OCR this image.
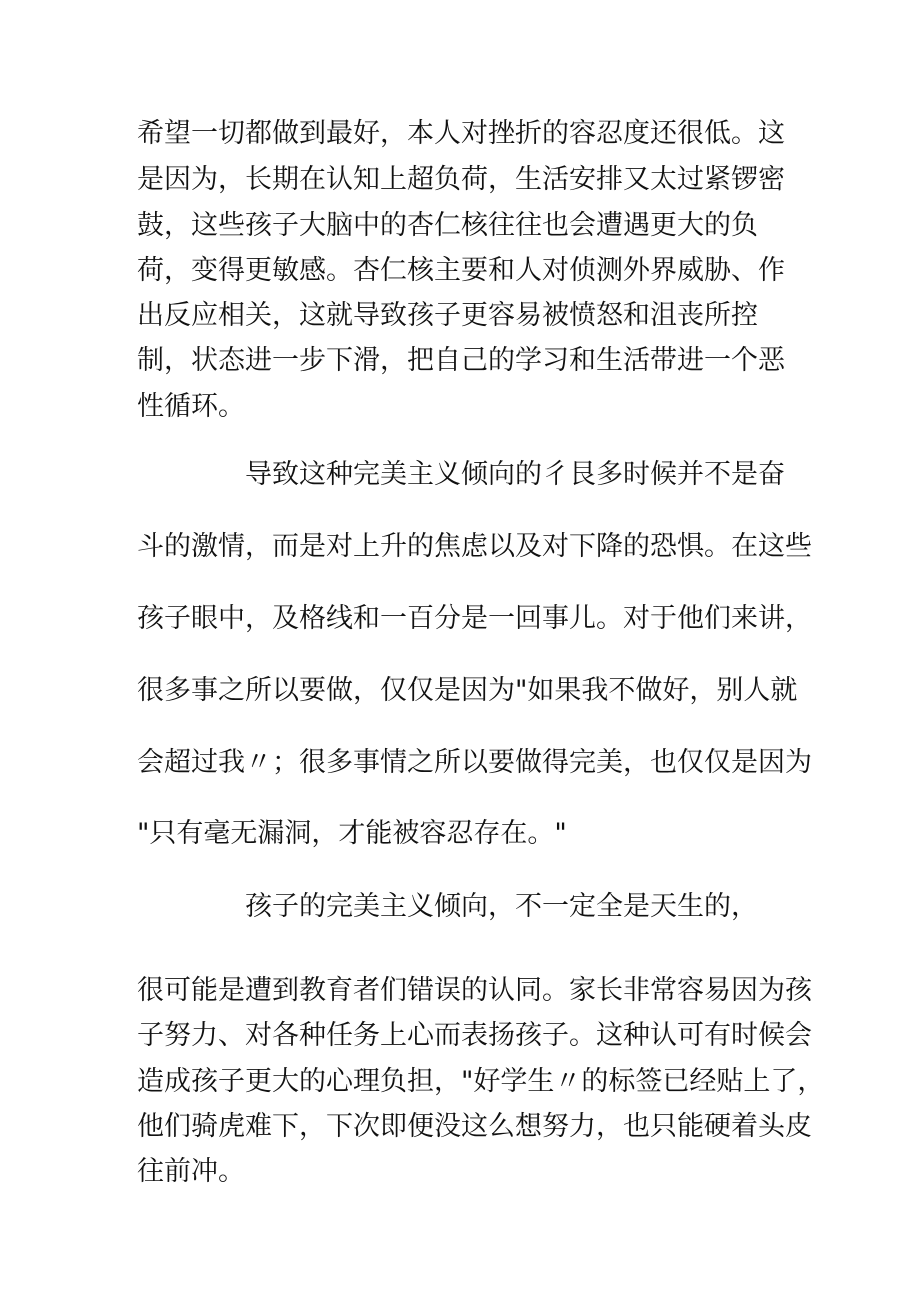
希望一切都做到最好，本人对挫折的容忍度还很低。这
是因为，长期在认知上超负荷，生活安排又太过紧锣密
鼓，这些孩子大脑中的杏仁核往往也会遭遇更大的负
荷，变得更敏感。杏仁核主要和人对侦测外界威胁、作
出反应相关，这就导致孩子更容易被愤怒和沮丧所控
制，状态进一步下滑，把自己的学习和生活带进一个恶
性循环。
导致这种完美主义倾向的彳艮多时候并不是奋
斗的激情，而是对上升的焦虑以及对下降的恐惧。在这些
孩子眼中，及格线和一百分是一回事儿。对于他们来讲，
很多事之所以要做，仅仅是因为"如果我不做好，别人就
会超过我〃；很多事情之所以要做得完美，也仅仅是因为
"只有毫无漏洞，才能被容忍存在。"
孩子的完美主义倾向，不一定全是天生的，
很可能是遭到教育者们错误的认同。家长非常容易因为孩
子努力、对各种任务上心而表扬孩子。这种认可有时候会
造成孩子更大的心理负担，"好学生〃的标签已经贴上了，
他们骑虎难下，下次即便没这么想努力，也只能硬着头皮
往前冲。
